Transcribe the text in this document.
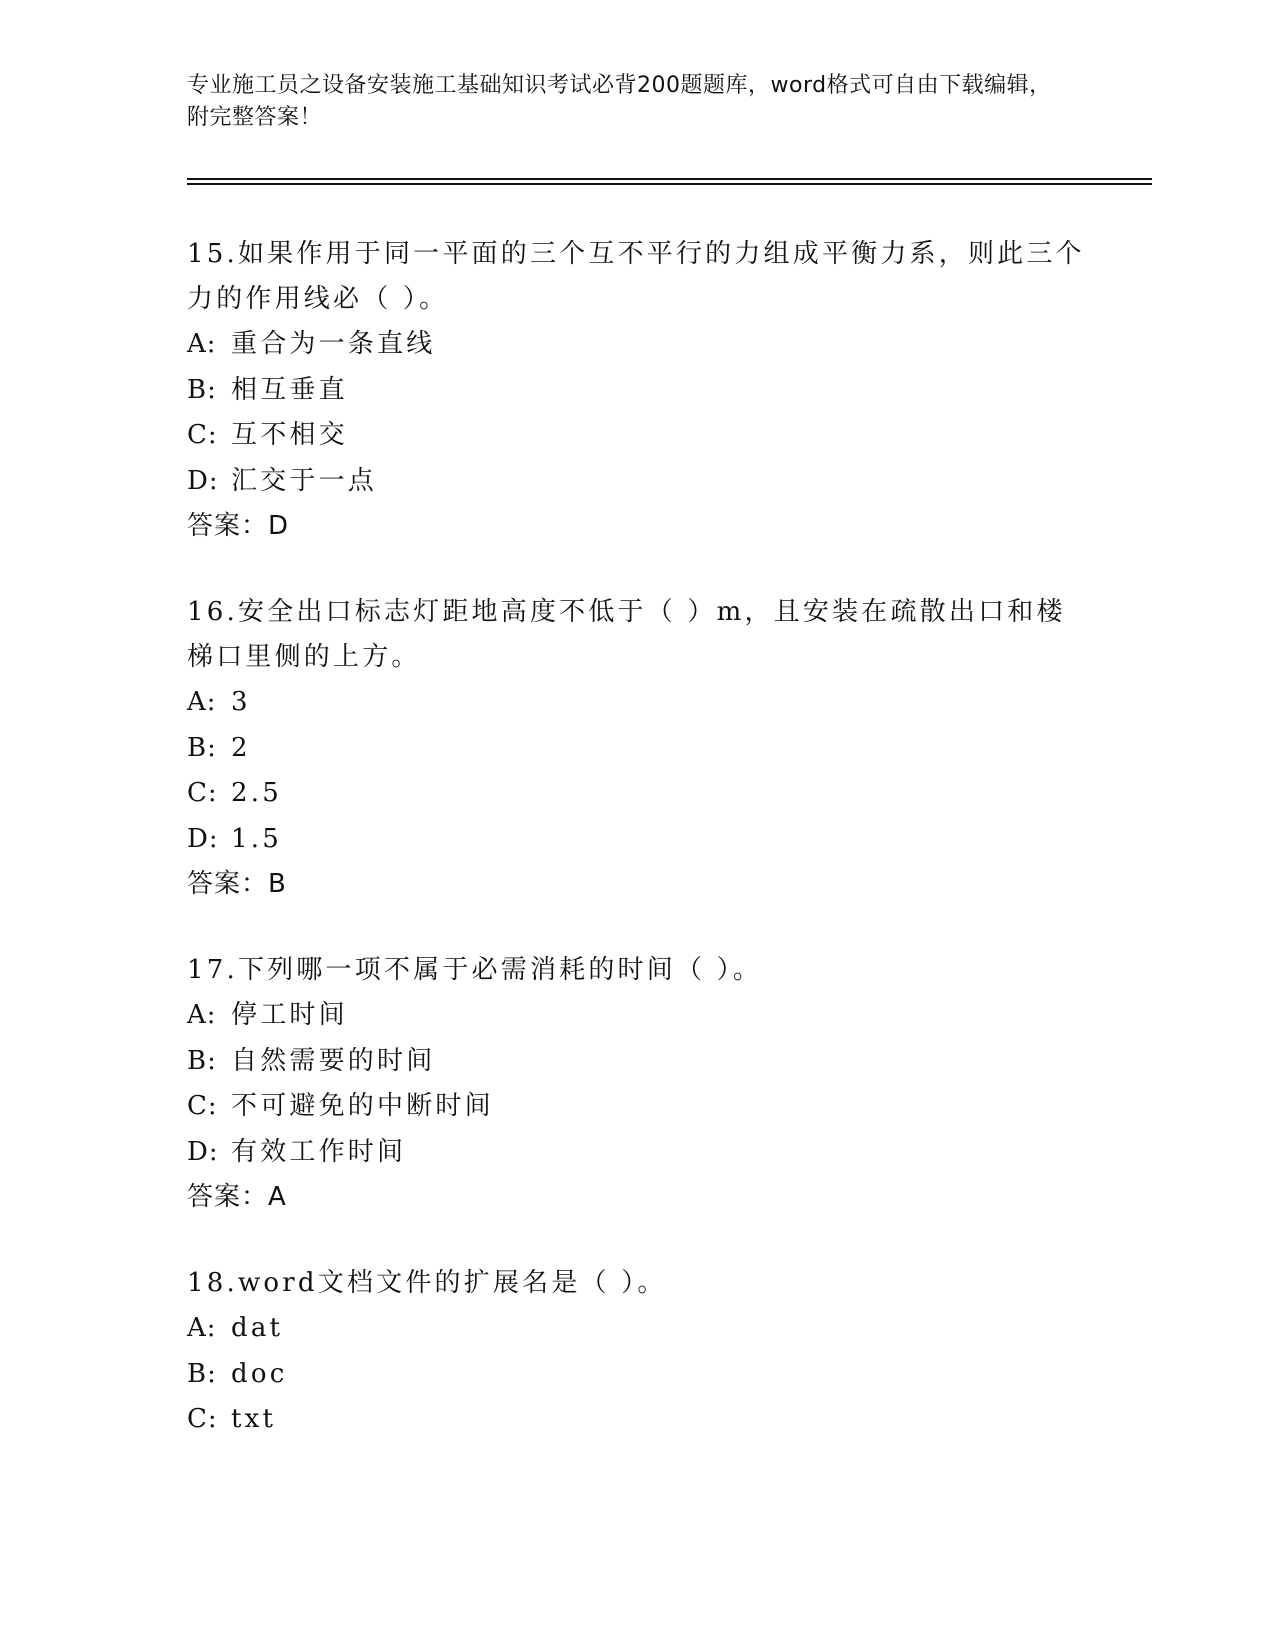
专业施工员之设备安装施工基础知识考试必背200题题库，word格式可自由下载编辑，附完整答案！
15.如果作用于同一平面的三个互不平行的力组成平衡力系，则此三个力的作用线必（ ）。
A: 重合为一条直线
B: 相互垂直
C: 互不相交
D: 汇交于一点
答案：D
16.安全出口标志灯距地高度不低于（ ）m，且安装在疏散出口和楼梯口里侧的上方。
A: 3
B: 2
C: 2.5
D: 1.5
答案：B
17.下列哪一项不属于必需消耗的时间（ ）。
A: 停工时间
B: 自然需要的时间
C: 不可避免的中断时间
D: 有效工作时间
答案：A
18.word文档文件的扩展名是（ ）。
A: dat
B: doc
C: txt
